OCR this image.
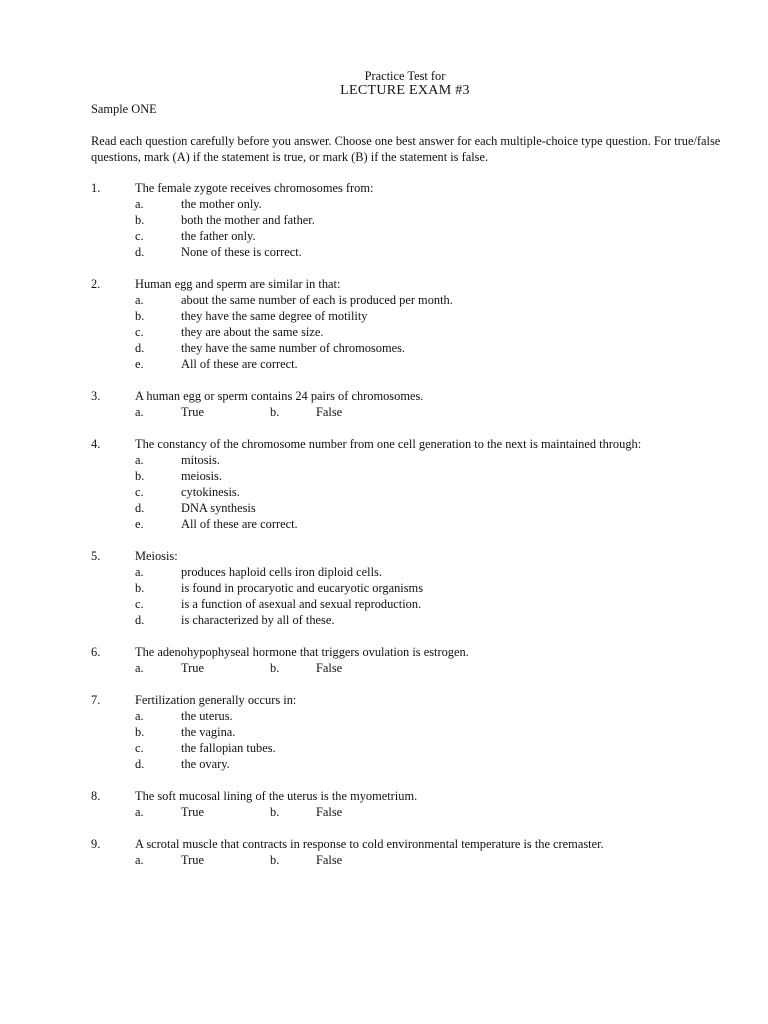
Practice Test for
LECTURE EXAM #3
Sample ONE
Read each question carefully before you answer. Choose one best answer for each multiple-choice type question. For true/false questions, mark (A) if the statement is true, or mark (B) if the statement is false.
1.	The female zygote receives chromosomes from:
a.	the mother only.
b.	both the mother and father.
c.	the father only.
d.	None of these is correct.
2.	Human egg and sperm are similar in that:
a.	about the same number of each is produced per month.
b.	they have the same degree of motility
c.	they are about the same size.
d.	they have the same number of chromosomes.
e.	All of these are correct.
3.	A human egg or sperm contains 24 pairs of chromosomes.
a.	True	b.	False
4.	The constancy of the chromosome number from one cell generation to the next is maintained through:
a.	mitosis.
b.	meiosis.
c.	cytokinesis.
d.	DNA synthesis
e.	All of these are correct.
5.	Meiosis:
a.	produces haploid cells iron diploid cells.
b.	is found in procaryotic and eucaryotic organisms
c.	is a function of asexual and sexual reproduction.
d.	is characterized by all of these.
6.	The adenohypophyseal hormone that triggers ovulation is estrogen.
a.	True	b.	False
7.	Fertilization generally occurs in:
a.	the uterus.
b.	the vagina.
c.	the fallopian tubes.
d.	the ovary.
8.	The soft mucosal lining of the uterus is the myometrium.
a.	True	b.	False
9.	A scrotal muscle that contracts in response to cold environmental temperature is the cremaster.
a.	True	b.	False
